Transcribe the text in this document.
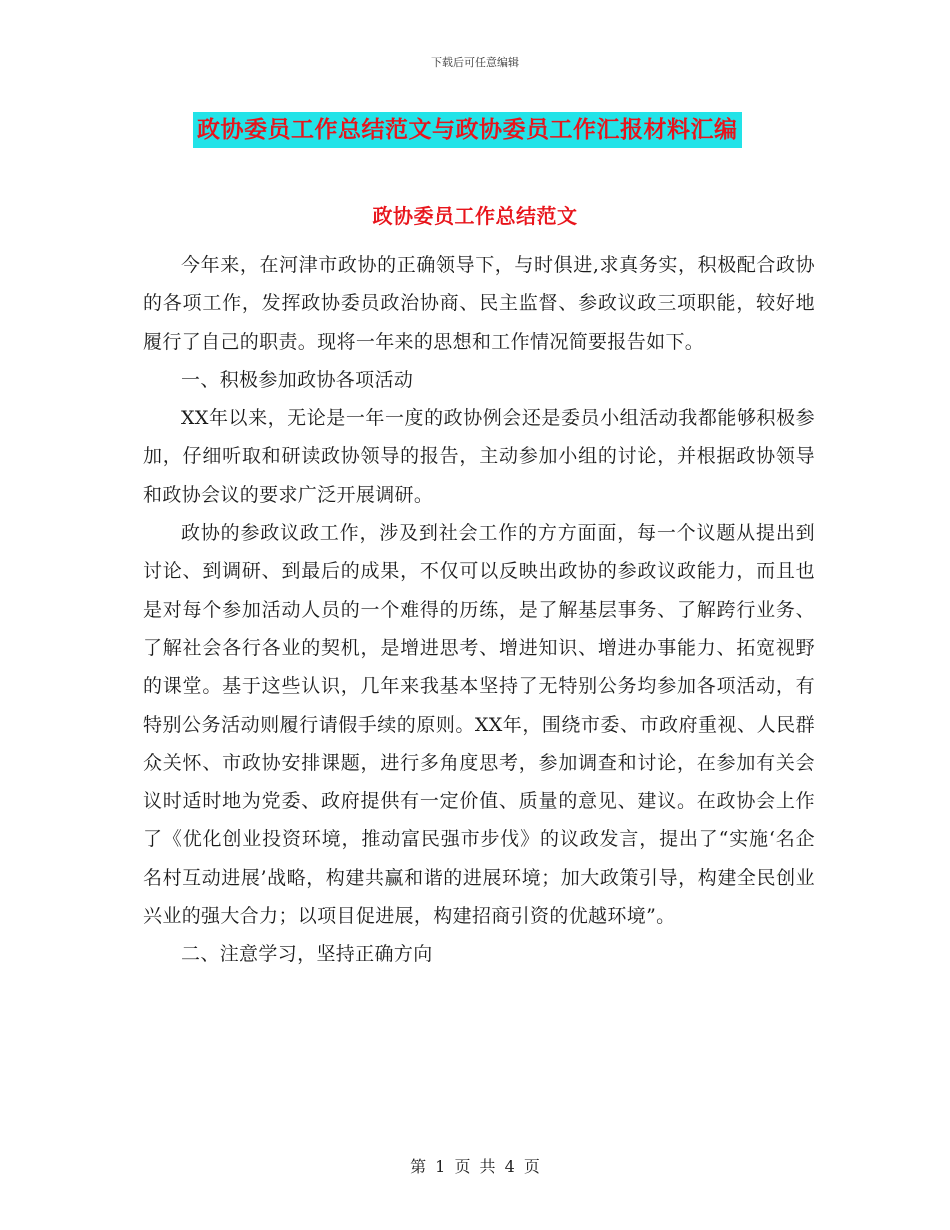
下载后可任意编辑
政协委员工作总结范文与政协委员工作汇报材料汇编
政协委员工作总结范文

今年来，在河津市政协的正确领导下，与时俱进,求真务实，积极配合政协的各项工作，发挥政协委员政治协商、民主监督、参政议政三项职能，较好地履行了自己的职责。现将一年来的思想和工作情况简要报告如下。

一、积极参加政协各项活动

XX年以来，无论是一年一度的政协例会还是委员小组活动我都能够积极参加，仔细听取和研读政协领导的报告，主动参加小组的讨论，并根据政协领导和政协会议的要求广泛开展调研。

政协的参政议政工作，涉及到社会工作的方方面面，每一个议题从提出到讨论、到调研、到最后的成果，不仅可以反映出政协的参政议政能力，而且也是对每个参加活动人员的一个难得的历练，是了解基层事务、了解跨行业务、了解社会各行各业的契机，是增进思考、增进知识、增进办事能力、拓宽视野的课堂。基于这些认识，几年来我基本坚持了无特别公务均参加各项活动，有特别公务活动则履行请假手续的原则。XX年，围绕市委、市政府重视、人民群众关怀、市政协安排课题，进行多角度思考，参加调查和讨论，在参加有关会议时适时地为党委、政府提供有一定价值、质量的意见、建议。在政协会上作了《优化创业投资环境，推动富民强市步伐》的议政发言，提出了“实施‘名企名村互动进展’战略，构建共赢和谐的进展环境；加大政策引导，构建全民创业兴业的强大合力；以项目促进展，构建招商引资的优越环境”。

二、注意学习，坚持正确方向

第 1 页 共 4 页
